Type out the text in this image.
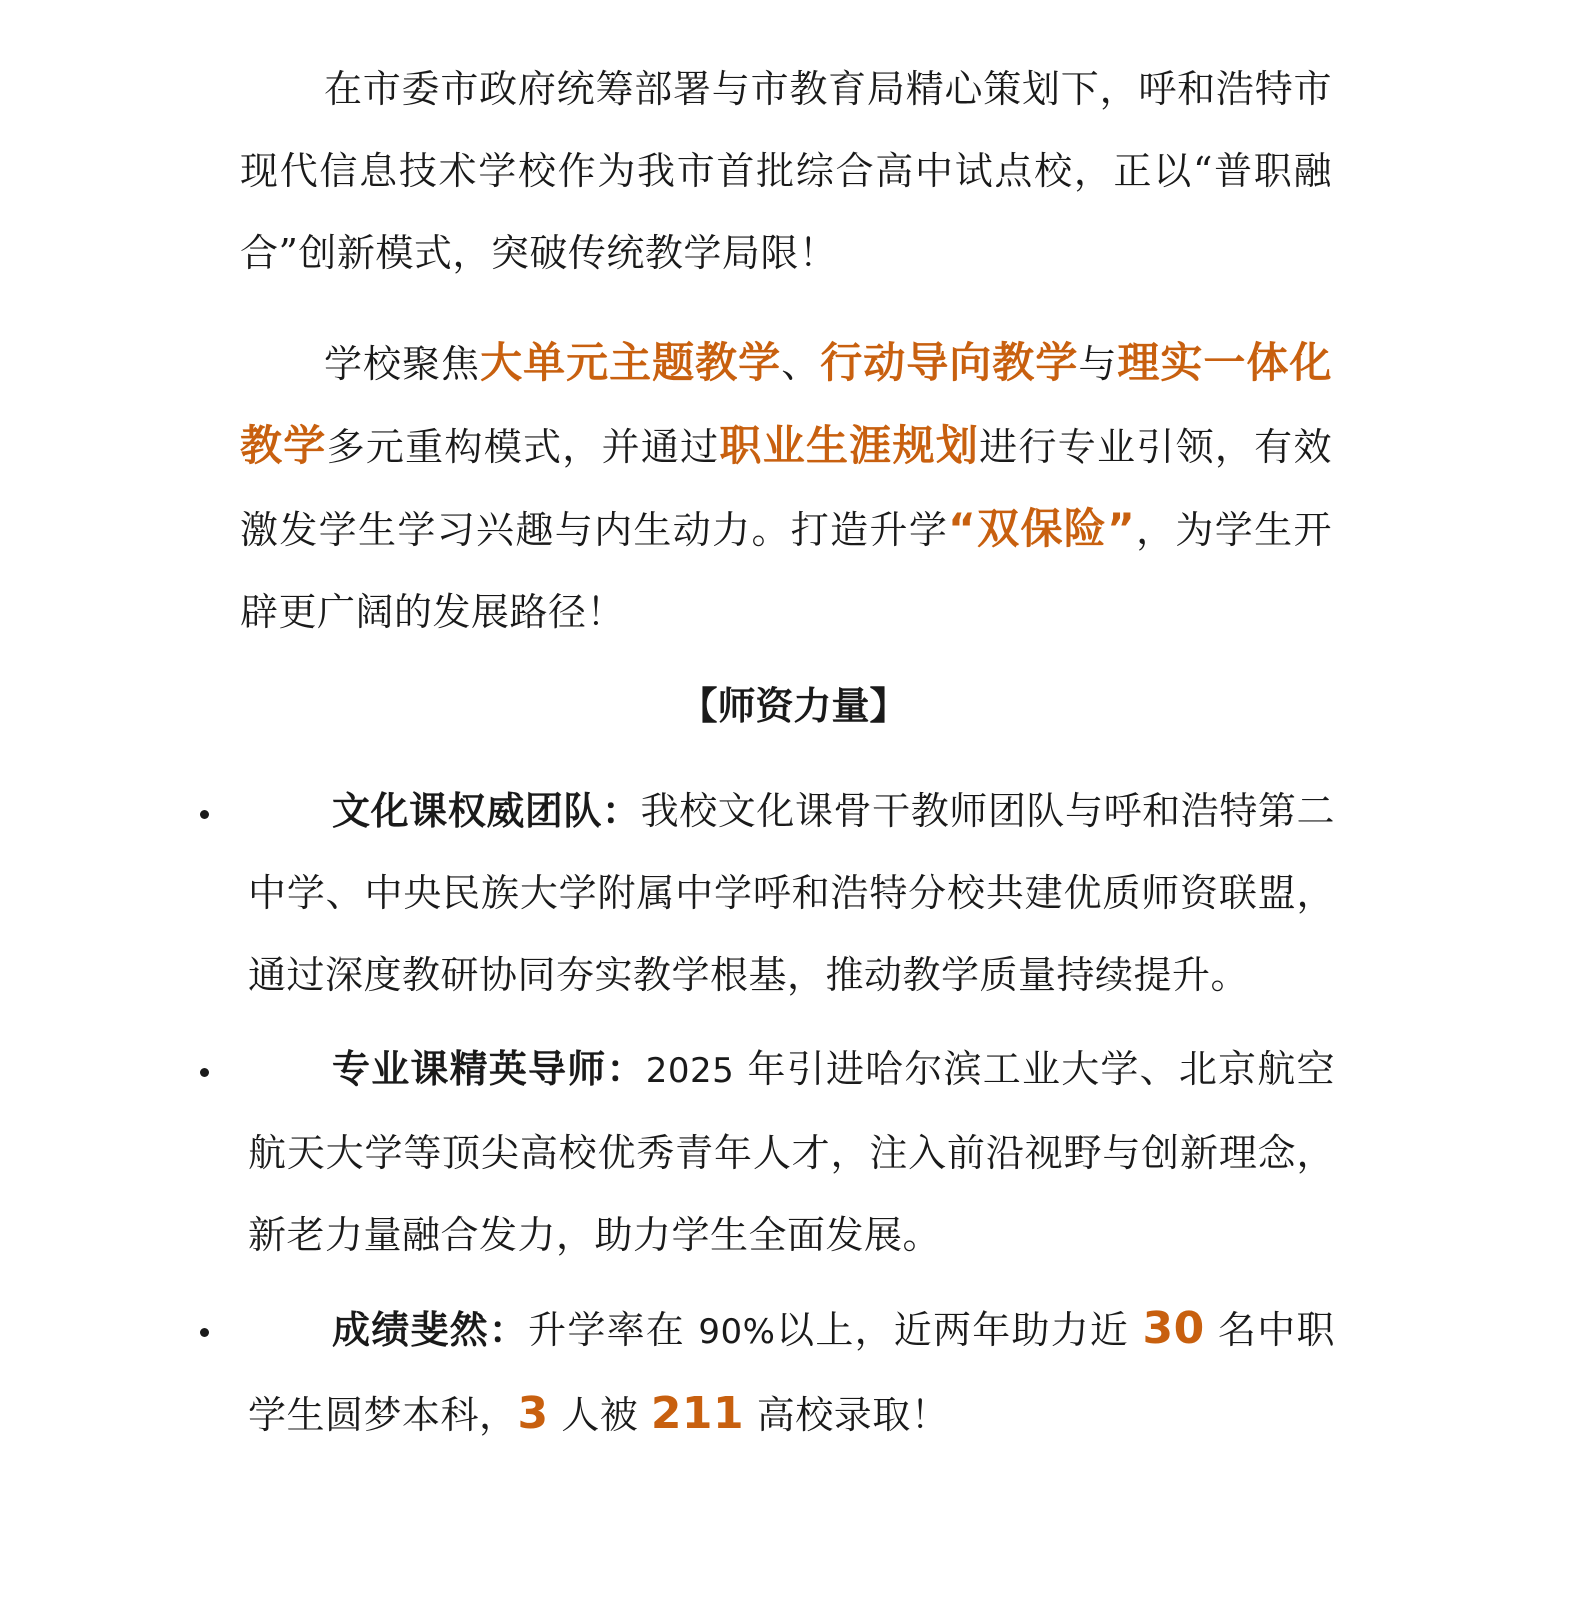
在市委市政府统筹部署与市教育局精心策划下，呼和浩特市现代信息技术学校作为我市首批综合高中试点校，正以“普职融合”创新模式，突破传统教学局限！

学校聚焦大单元主题教学、行动导向教学与理实一体化教学多元重构模式，并通过职业生涯规划进行专业引领，有效激发学生学习兴趣与内生动力。打造升学“双保险”，为学生开辟更广阔的发展路径！

【师资力量】
文化课权威团队：我校文化课骨干教师团队与呼和浩特第二中学、中央民族大学附属中学呼和浩特分校共建优质师资联盟，通过深度教研协同夯实教学根基，推动教学质量持续提升。
专业课精英导师：2025 年引进哈尔滨工业大学、北京航空航天大学等顶尖高校优秀青年人才，注入前沿视野与创新理念，新老力量融合发力，助力学生全面发展。
成绩斐然：升学率在 90%以上，近两年助力近 30 名中职学生圆梦本科，3 人被 211 高校录取！
